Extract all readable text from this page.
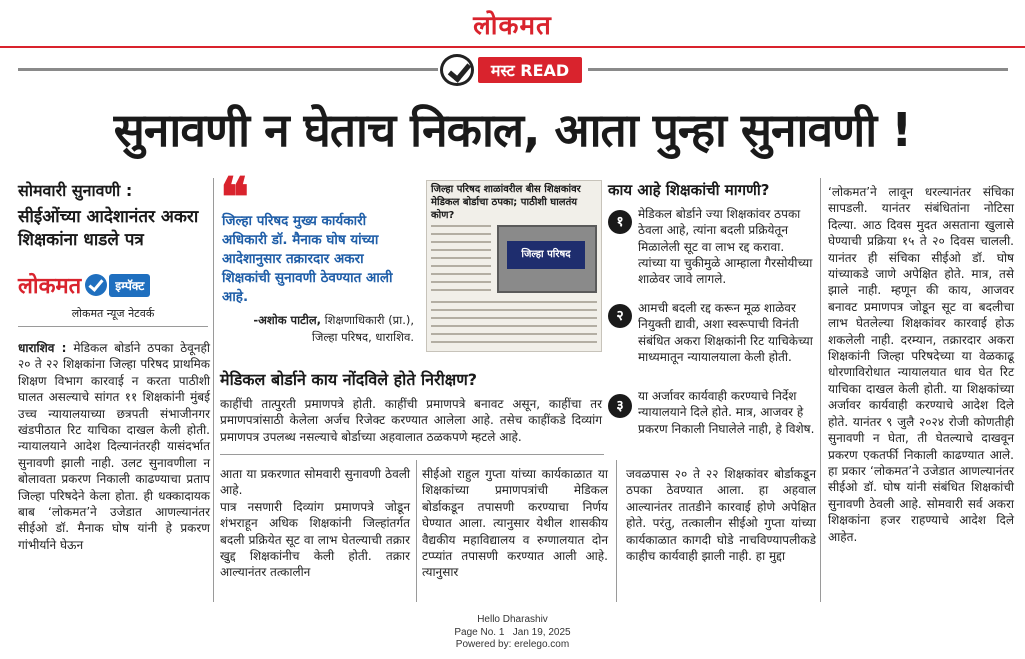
लोकमत
मस्ट READ
सुनावणी न घेताच निकाल, आता पुन्हा सुनावणी !
सोमवारी सुनावणी :
सीईओंच्या आदेशानंतर अकरा शिक्षकांना धाडले पत्र
लोकमत	इम्पॅक्ट
लोकमत न्यूज नेटवर्क
धाराशिव : मेडिकल बोर्डाने ठपका ठेवूनही २० ते २२ शिक्षकांना जिल्हा परिषद प्राथमिक शिक्षण विभाग कारवाई न करता पाठीशी घालत असल्याचे सांगत ११ शिक्षकांनी मुंबई उच्च न्यायालयाच्या छत्रपती संभाजीनगर खंडपीठात रिट याचिका दाखल केली होती. न्यायालयाने आदेश दिल्यानंतरही यासंदर्भात सुनावणी झाली नाही. उलट सुनावणीला न बोलावता प्रकरण निकाली काढण्याचा प्रताप जिल्हा परिषदेने केला होता. ही धक्कादायक बाब ‘लोकमत’ने उजेडात आणल्यानंतर सीईओ डॉ. मैनाक घोष यांनी हे प्रकरण गांभीर्याने घेऊन
❝
जिल्हा परिषद मुख्य कार्यकारी अधिकारी डॉ. मैनाक घोष यांच्या आदेशानुसार तक्रारदार अकरा शिक्षकांची सुनावणी ठेवण्यात आली आहे.
-अशोक पाटील, शिक्षणाधिकारी (प्रा.),
जिल्हा परिषद, धाराशिव.
जिल्हा परिषद शाळांवरील बीस शिक्षकांवर मेडिकल बोर्डाचा ठपका; पाठीशी घालतंय कोण?
जिल्हा परिषद
काय आहे शिक्षकांची मागणी?
१	मेडिकल बोर्डाने ज्या शिक्षकांवर ठपका ठेवला आहे, त्यांना बदली प्रक्रियेतून मिळालेली सूट वा लाभ रद्द करावा. त्यांच्या या चुकीमुळे आम्हाला गैरसोयीच्या शाळेवर जावे लागले.
२	आमची बदली रद्द करून मूळ शाळेवर नियुक्ती द्यावी, अशा स्वरूपाची विनंती संबंधित अकरा शिक्षकांनी रिट याचिकेच्या माध्यमातून न्यायालयाला केली होती.
३
या अर्जावर कार्यवाही करण्याचे निर्देश न्यायालयाने दिले होते. मात्र, आजवर हे प्रकरण निकाली निघालेले नाही, हे विशेष.
मेडिकल बोर्डाने काय नोंदविले होते निरीक्षण?
काहींची तात्पुरती प्रमाणपत्रे होती. काहींची प्रमाणपत्रे बनावट असून, काहींचा तर प्रमाणपत्रांसाठी केलेला अर्जच रिजेक्ट करण्यात आलेला आहे. तसेच काहींकडे दिव्यांग प्रमाणपत्र उपलब्ध नसल्याचे बोर्डाच्या अहवालात ठळकपणे म्हटले आहे.
आता या प्रकरणात सोमवारी सुनावणी ठेवली आहे.
पात्र नसणारी दिव्यांग प्रमाणपत्रे जोडून शंभराहून अधिक शिक्षकांनी जिल्हांतर्गत बदली प्रक्रियेत सूट वा लाभ घेतल्याची तक्रार खुद्द शिक्षकांनीच केली होती. तक्रार आल्यानंतर तत्कालीन
सीईओ राहुल गुप्ता यांच्या कार्यकाळात या शिक्षकांच्या प्रमाणपत्रांची मेडिकल बोर्डाकडून तपासणी करण्याचा निर्णय घेण्यात आला. त्यानुसार येथील शासकीय वैद्यकीय महाविद्यालय व रुग्णालयात दोन टप्प्यांत तपासणी करण्यात आली आहे. त्यानुसार
जवळपास २० ते २२ शिक्षकांवर बोर्डाकडून ठपका ठेवण्यात आला. हा अहवाल आल्यानंतर तातडीने कारवाई होणे अपेक्षित होते. परंतु, तत्कालीन सीईओ गुप्ता यांच्या कार्यकाळात कागदी घोडे नाचविण्यापलीकडे काहीच कार्यवाही झाली नाही. हा मुद्दा
‘लोकमत’ने लावून धरल्यानंतर संचिका सापडली. यानंतर संबंधितांना नोटिसा दिल्या. आठ दिवस मुदत असताना खुलासे घेण्याची प्रक्रिया १५ ते २० दिवस चालली. यानंतर ही संचिका सीईओ डॉ. घोष यांच्याकडे जाणे अपेक्षित होते. मात्र, तसे झाले नाही. म्हणून की काय, आजवर बनावट प्रमाणपत्र जोडून सूट वा बदलीचा लाभ घेतलेल्या शिक्षकांवर कारवाई होऊ शकलेली नाही. दरम्यान, तक्रारदार अकरा शिक्षकांनी जिल्हा परिषदेच्या या वेळकाढू धोरणाविरोधात न्यायालयात धाव घेत रिट याचिका दाखल केली होती. या शिक्षकांच्या अर्जावर कार्यवाही करण्याचे आदेश दिले होते. यानंतर ९ जुलै २०२४ रोजी कोणतीही सुनावणी न घेता, ती घेतल्याचे दाखवून प्रकरण एकतर्फी निकाली काढण्यात आले. हा प्रकार ‘लोकमत’ने उजेडात आणल्यानंतर सीईओ डॉ. घोष यांनी संबंधित शिक्षकांची सुनावणी ठेवली आहे. सोमवारी सर्व अकरा शिक्षकांना हजर राहण्याचे आदेश दिले आहेत.
Hello Dharashiv
Page No. 1 Jan 19, 2025
Powered by: erelego.com
